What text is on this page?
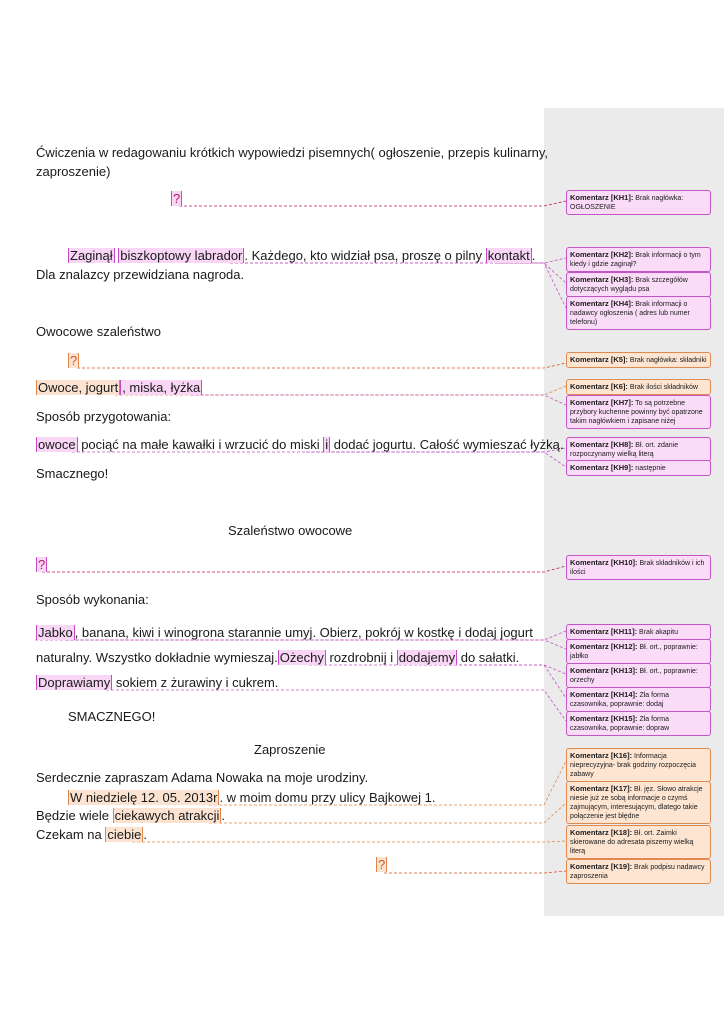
Ćwiczenia w redagowaniu krótkich wypowiedzi pisemnych( ogłoszenie, przepis kulinarny,
zaproszenie)
?
Zaginął biszkoptowy labrador . Każdego, kto widział psa, proszę o pilny kontakt .
Dla znalazcy przewidziana nagroda.
Owocowe szaleństwo
?
Owoce, jogurt , miska, łyżka
Sposób przygotowania:
owoce pociąć na małe kawałki i wrzucić do miski i dodać jogurtu. Całość wymieszać łyżką.
Smacznego!
Szaleństwo owocowe
?
Sposób wykonania:
Jabko , banana, kiwi i winogrona starannie umyj. Obierz, pokrój w kostkę i dodaj jogurt
naturalny. Wszystko dokładnie wymieszaj. Ożechy rozdrobnij i dodajemy do sałatki.
Doprawiamy sokiem z żurawiny i cukrem.
SMACZNEGO!
Zaproszenie
Serdecznie zapraszam Adama Nowaka na moje urodziny.
W niedzielę 12. 05. 2013r . w moim domu przy ulicy Bajkowej 1.
Będzie wiele ciekawych atrakcji .
Czekam na ciebie .
?
Komentarz [KH1]: Brak nagłówka: OGŁOSZENIE
Komentarz [KH2]: Brak informacji o tym kiedy i gdzie zaginął?
Komentarz [KH3]: Brak szczegółów dotyczących wyglądu psa
Komentarz [KH4]: Brak informacji o nadawcy ogłoszenia ( adres lub numer telefonu)
Komentarz [K5]: Brak nagłówka: składniki
Komentarz [K6]: Brak ilości składników
Komentarz [KH7]: To są potrzebne przybory kuchenne powinny być opatrzone takim nagłówkiem i zapisane niżej
Komentarz [KH8]: Bł. ort. zdanie rozpoczynamy wielką literą
Komentarz [KH9]: następnie
Komentarz [KH10]: Brak składników i ich ilości
Komentarz [KH11]: Brak akapitu
Komentarz [KH12]: Bł. ort., poprawnie: jabłko
Komentarz [KH13]: Bł. ort., poprawnie: orzechy
Komentarz [KH14]: Zła forma czasownika, poprawnie: dodaj
Komentarz [KH15]: Zła forma czasownika, poprawnie: dopraw
Komentarz [K16]: Informacja nieprecyzyjna- brak godziny rozpoczęcia zabawy
Komentarz [K17]: Bł. jęz. Słowo atrakcje niesie już ze sobą informacje o czymś zajmującym, interesującym, dlatego takie połączenie jest błędne
Komentarz [K18]: Bł. ort. Zaimki skierowane do adresata piszemy wielką literą
Komentarz [K19]: Brak podpisu nadawcy zaproszenia
